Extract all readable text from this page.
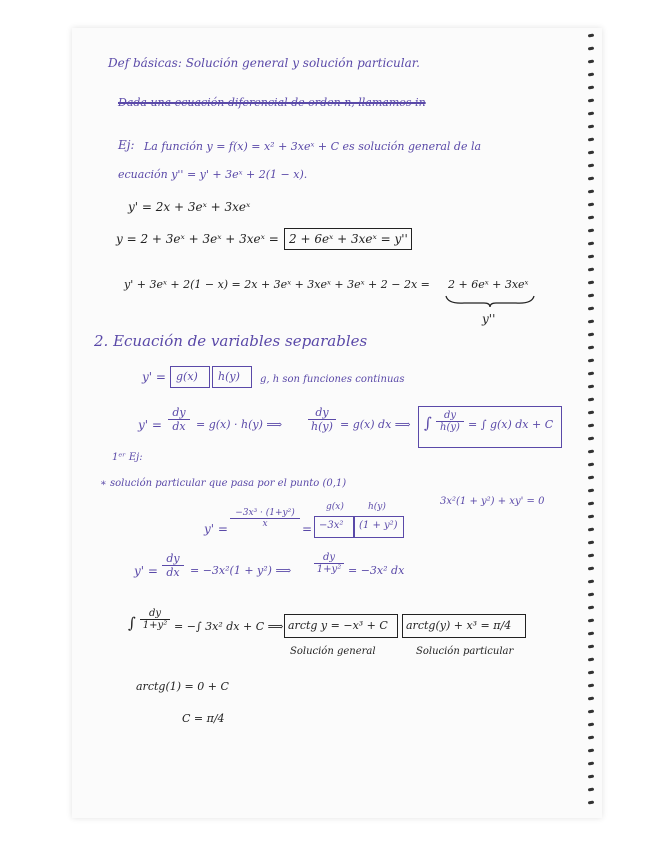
Def básicas: Solución general y solución particular.
Dada una ecuación diferencial de orden n, llamamos in
Ej: La función y = f(x) = x² + 3xeˣ + C es solución general de la
ecuación y'' = y' + 3eˣ + 2(1 − x).
y' = 2x + 3eˣ + 3xeˣ
y = 2 + 3eˣ + 3eˣ + 3xeˣ = 2 + 6eˣ + 3xeˣ = y''
y' + 3eˣ + 2(1 − x) = 2x + 3eˣ + 3xeˣ + 3eˣ + 2 − 2x = 2 + 6eˣ + 3xeˣ
y''
2. Ecuación de variables separables
y' = g(x) h(y) g, h son funciones continuas
$y' = \frac{dy}{dx} = g(x) \cdot h(y)$ ⟹ $\frac{dy}{h(y)} = g(x)$ dx ⟹ ∫ $\frac{dy}{h(y)}$ = ∫ g(x) dx + C
1ᵉʳ Ej:
∗ solución particular que pasa por el punto (0,1)
3x²(1 + y²) + xy' = 0
$y' = \frac{\text{−3x³ · (1+y²)}}{x}$ =
g(x)	h(y)
−3x² (1 + y²)
$y' = \frac{dy}{dx} = -3x^2(1 + y^2)$ ⟹ $\frac{dy}{\text{1+y²}} = -3x^2$ dx
∫ $\frac{dy}{\text{1+y²}}$ = −∫ 3x² dx + C ⟹ arctg y = −x³ + C arctg(y) + x³ = π/4
Solución general	Solución particular
arctg(1) = 0 + C
C = π/4
